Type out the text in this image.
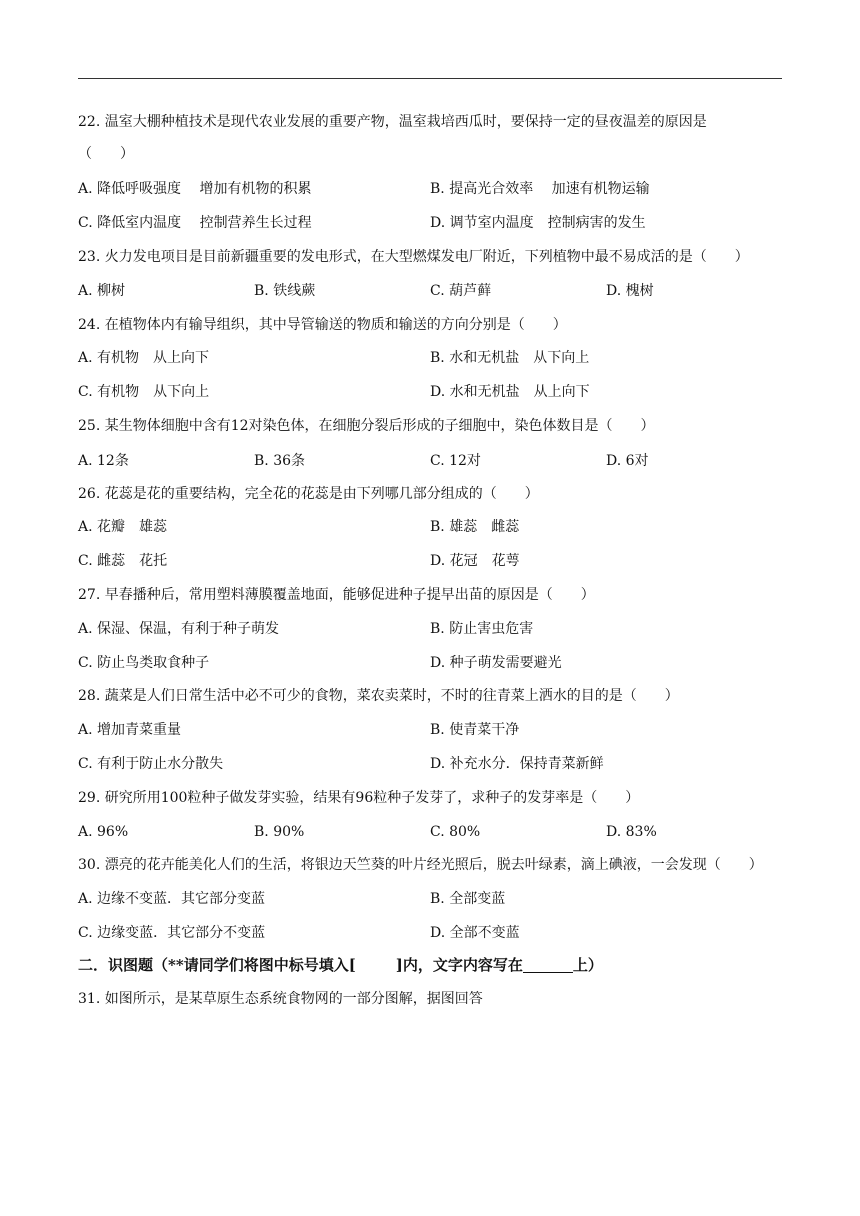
22. 温室大棚种植技术是现代农业发展的重要产物，温室栽培西瓜时，要保持一定的昼夜温差的原因是
（　　）
A. 降低呼吸强度　 增加有机物的积累	B. 提高光合效率　 加速有机物运输
C. 降低室内温度　 控制营养生长过程	D. 调节室内温度　控制病害的发生
23. 火力发电项目是目前新疆重要的发电形式，在大型燃煤发电厂附近，下列植物中最不易成活的是（　　）
A. 柳树	B. 铁线蕨	C. 葫芦藓	D. 槐树
24. 在植物体内有输导组织，其中导管输送的物质和输送的方向分别是（　　）
A. 有机物　从上向下	B. 水和无机盐　从下向上
C. 有机物　从下向上	D. 水和无机盐　从上向下
25. 某生物体细胞中含有12对染色体，在细胞分裂后形成的子细胞中，染色体数目是（　　）
A. 12条	B. 36条	C. 12对	D. 6对
26. 花蕊是花的重要结构，完全花的花蕊是由下列哪几部分组成的（　　）
A. 花瓣　雄蕊	B. 雄蕊　雌蕊
C. 雌蕊　花托	D. 花冠　花萼
27. 早春播种后，常用塑料薄膜覆盖地面，能够促进种子提早出苗的原因是（　　）
A. 保湿、保温，有利于种子萌发	B. 防止害虫危害
C. 防止鸟类取食种子	D. 种子萌发需要避光
28. 蔬菜是人们日常生活中必不可少的食物，菜农卖菜时，不时的往青菜上洒水的目的是（　　）
A. 增加青菜重量	B. 使青菜干净
C. 有利于防止水分散失	D. 补充水分．保持青菜新鲜
29. 研究所用100粒种子做发芽实验，结果有96粒种子发芽了，求种子的发芽率是（　　）
A. 96%	B. 90%	C. 80%	D. 83%
30. 漂亮的花卉能美化人们的生活，将银边天竺葵的叶片经光照后，脱去叶绿素，滴上碘液，一会发现（　　）
A. 边缘不变蓝．其它部分变蓝	B. 全部变蓝
C. 边缘变蓝．其它部分不变蓝	D. 全部不变蓝
二．识图题（**请同学们将图中标号填入[	]内，文字内容写在	上）
31. 如图所示，是某草原生态系统食物网的一部分图解，据图回答
